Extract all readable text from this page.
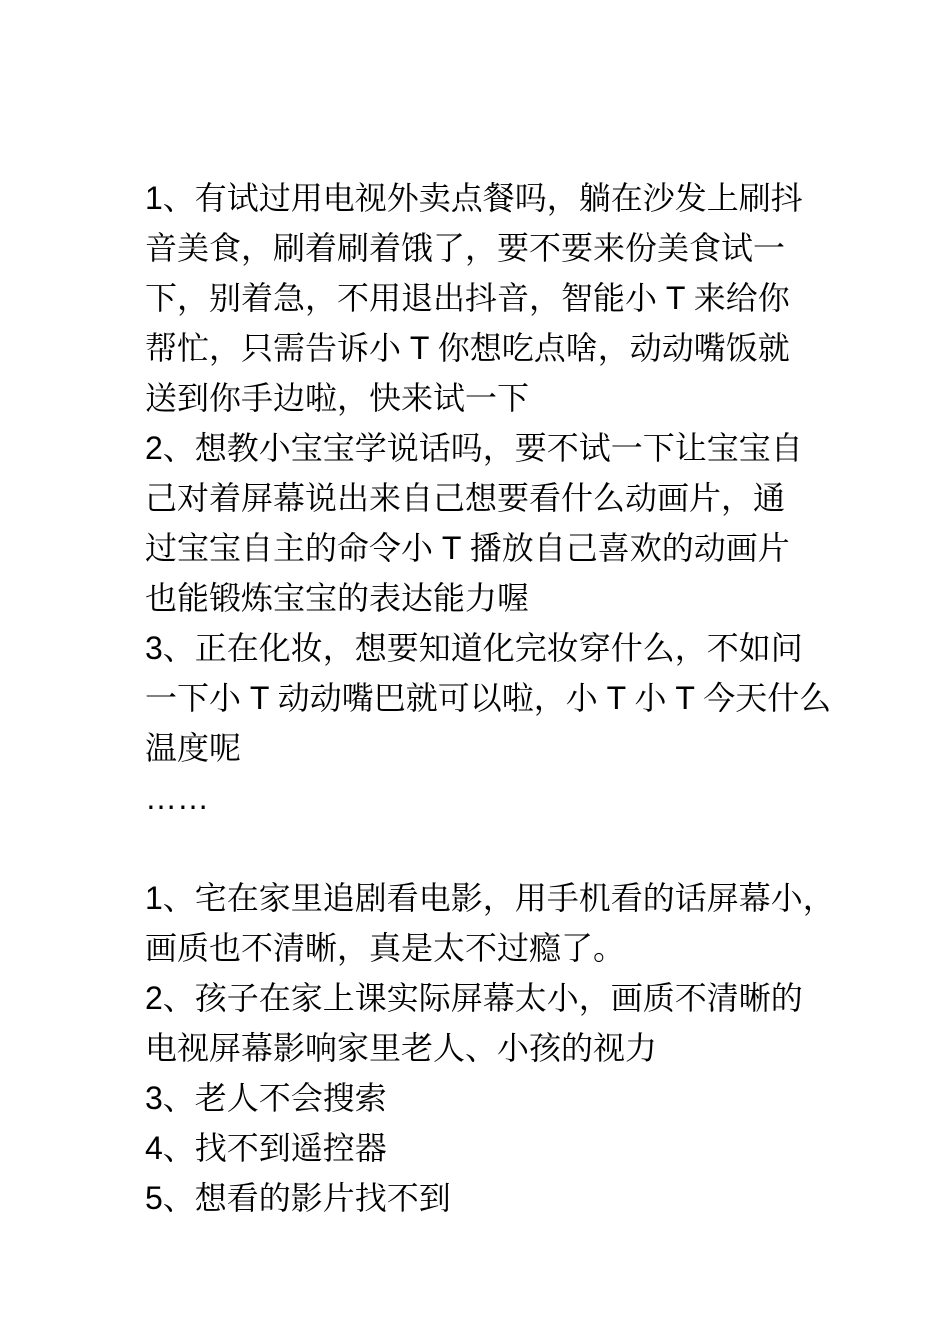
1、有试过用电视外卖点餐吗，躺在沙发上刷抖
音美食，刷着刷着饿了，要不要来份美食试一
下，别着急，不用退出抖音，智能小 T 来给你
帮忙，只需告诉小 T 你想吃点啥，动动嘴饭就
送到你手边啦，快来试一下
2、想教小宝宝学说话吗，要不试一下让宝宝自
己对着屏幕说出来自己想要看什么动画片，通
过宝宝自主的命令小 T 播放自己喜欢的动画片
也能锻炼宝宝的表达能力喔
3、正在化妆，想要知道化完妆穿什么，不如问
一下小 T 动动嘴巴就可以啦，小 T 小 T 今天什么
温度呢
……
1、宅在家里追剧看电影，用手机看的话屏幕小，
画质也不清晰，真是太不过瘾了。
2、孩子在家上课实际屏幕太小，画质不清晰的
电视屏幕影响家里老人、小孩的视力
3、老人不会搜索
4、找不到遥控器
5、想看的影片找不到
